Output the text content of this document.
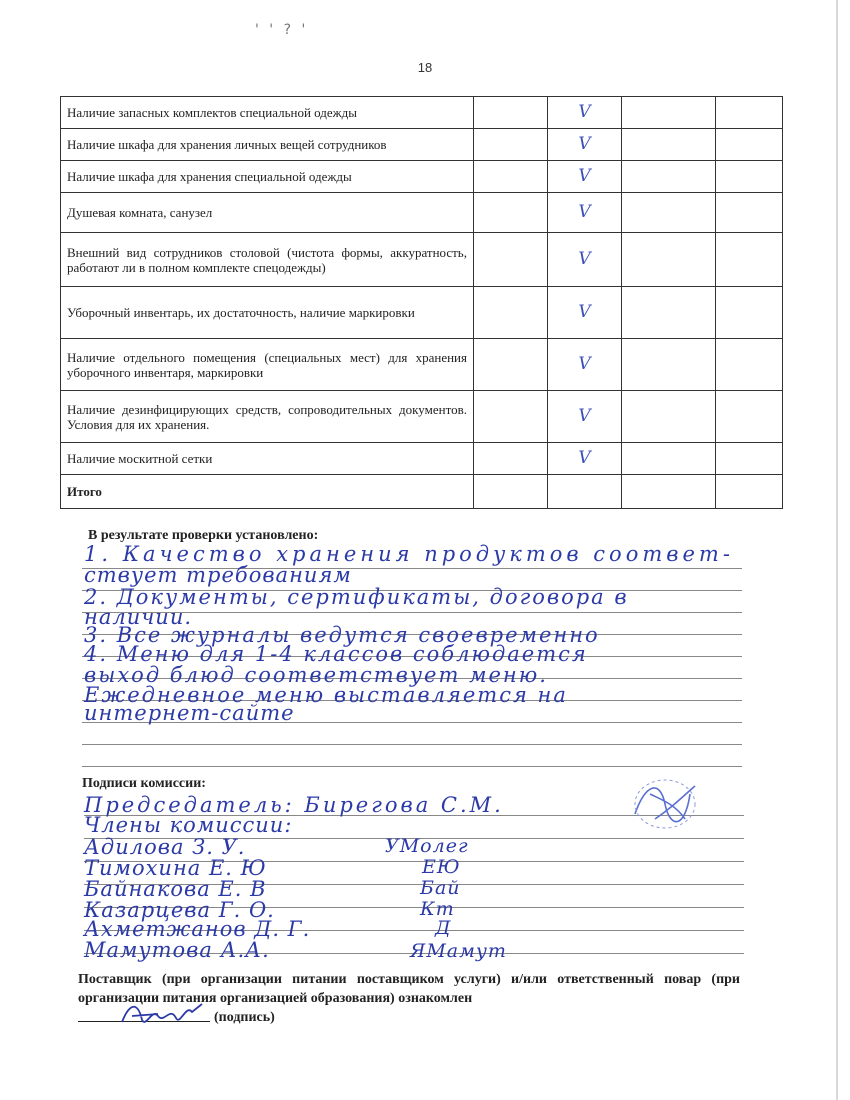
' ' ? '
18
Наличие запасных комплектов специальной одежды		V		
Наличие шкафа для хранения личных вещей сотрудников		V		
Наличие шкафа для хранения специальной одежды		V		
Душевая комната, санузел		V		
Внешний вид сотрудников столовой (чистота формы, аккуратность, работают ли в полном комплекте спецодежды)		V		
Уборочный инвентарь, их достаточность, наличие маркировки		V		
Наличие отдельного помещения (специальных мест) для хранения уборочного инвентаря, маркировки		V		
Наличие дезинфицирующих средств, сопроводительных документов. Условия для их хранения.		V		
Наличие москитной сетки		V		
Итого				
В результате проверки установлено:
1. Качество хранения продуктов соответ-
ствует требованиям
2. Документы, сертификаты, договора в
наличии.
3. Все журналы ведутся своевременно
4. Меню для 1-4 классов соблюдается
выход блюд соответствует меню.
Ежедневное меню выставляется на
интернет-сайте
Подписи комиссии:
Председатель: Бирегова С.М.
Члены комиссии:
Адилова З. У.	УМолег
Тимохина Е. Ю	ЕЮ
Байнакова Е. В	Бай
Казарцева Г. О.	Кт
Ахметжанов Д. Г.	Д
Мамутова А.А.	ЯМамут
Поставщик (при организации питании поставщиком услуги) и/или ответственный повар (при организации питания организацией образования) ознакомлен
(подпись)
